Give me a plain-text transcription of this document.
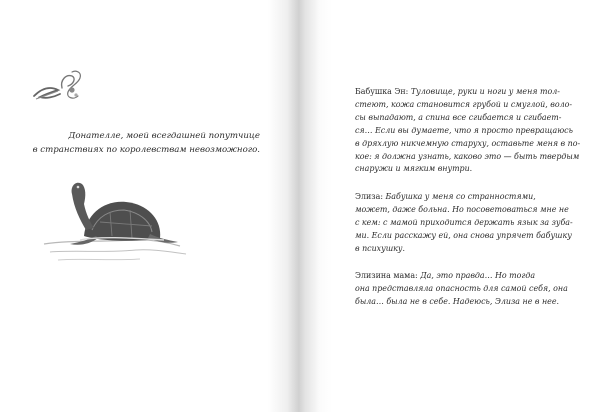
Донателле, моей всегдашней попутчице
в странствиях по королевствам невозможного.
Бабушка Эн: Туловище, руки и ноги у меня тол-
стеют, кожа становится грубой и смуглой, воло-
сы выпадают, а спина все сгибается и сгибает-
ся… Если вы думаете, что я просто превращаюсь
в дряхлую никчемную старуху, оставьте меня в по-
кое: я должна узнать, каково это — быть твердым
снаружи и мягким внутри.
Элиза: Бабушка у меня со странностями,
может, даже больна. Но посоветоваться мне не
с кем: с мамой приходится держать язык за зуба-
ми. Если расскажу ей, она снова упрячет бабушку
в психушку.
Элизина мама: Да, это правда… Но тогда
она представляла опасность для самой себя, она
была… была не в себе. Надеюсь, Элиза не в нее.
